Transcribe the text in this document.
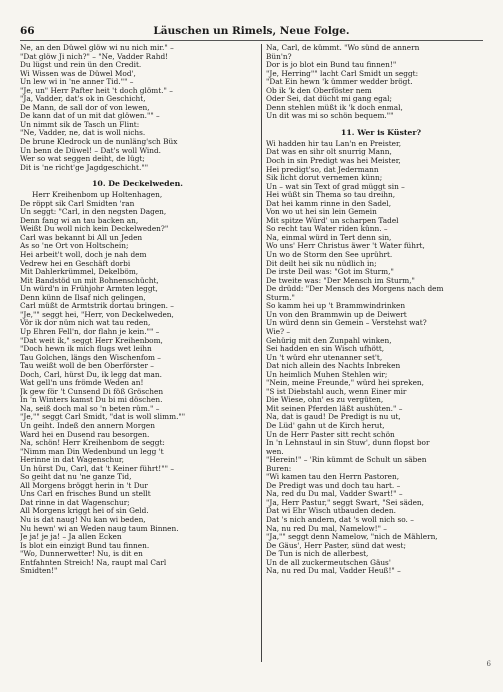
66	Läuschen un Rimels, Neue Folge.
Ne, an den Düwel glöw wi nu nich mir." –
"Dat glöw Ji nich?" – "Ne, Vadder Rahd!
Du lügst und rein ün den Credit.
Wi Wissen was de Düwel Mod',
Un lew wi in 'ne anner Tid."" –
"Je, un" Herr Pafter heit 't doch glömt." –
"Ja, Vadder, dat's ok in Geschicht,
De Mann, de sall dor of von lewen,
De kann dat of un mit dat glöwen."" –
Un nimmt sik de Tasch un Flint:
"Ne, Vadder, ne, dat is woll nichs.
De brune Kledrock un de nunläng'sch Büx
Un benn de Düwel! – Dat's woll Wind.
Wer so wat seggen deiht, de lügt;
Dit is 'ne richt'ge Jagdgeschicht.""
10. De Deckelweden.
Herr Kreihenbom up Holtenhagen,
De röppt sik Carl Smidten 'ran
Un seggt: "Carl, in den negsten Dagen,
Denn fang wi an tau backen an,
Weißt Du woll nich kein Deckelweden?"
Carl was bekannt bi All un Jeden
As so 'ne Ort von Holtschein;
Hei arbeit't woll, doch je nah dem
Vedrew hei en Geschäft dorbi
Mit Dahlerkrümmel, Dekelböm,
Mit Bandstöd un mit Bohnenschücht,
Un würd'n in Frühjohr Armten leggt,
Denn künn de Ilsaf nich gelingen,
Carl müßt de Armtstrik dortau bringen. –
"Je,"" seggt hei, "Herr, von Deckelweden,
Vör ik dor nüm nich wat tau reden,
Up Ehren Fell'n, dor flahn je kein."" –
"Dat weit ik," seggt Herr Kreihenbom,
"Doch hewn ik mich flugs wet leihn
Tau Golchen, längs den Wischenfom –
Tau weißt woll de ben Oberförster –
Doch, Carl, hürst Du, ik legg dat man.
Wat gell'n uns frömde Weden an!
Jk gew för 't Cunsend Di föß Gröschen
In 'n Winters kamst Du bi mi döschen.
Na, seiß doch mal so 'n beten rüm." –
"Je,"" seggt Carl Smidt, "dat is woll slimm.""
Un geiht. Indeß den annern Morgen
Ward hei en Dusend rau besorgen.
Na, schön! Herr Kreihenbom de seggt:
"Nimm man Din Wedenbund un legg 't
Herinne in dat Wagenschur,
Un hürst Du, Carl, dat 't Keiner führt!"" –
So geiht dat nu 'ne ganze Tid,
All Morgens bröggt herin in 't Dur
Uns Carl en frisches Bund un stellt
Dat rinne in dat Wagenschur;
All Morgens kriggt hei of sin Geld.
Nu is dat naug! Nu kan wi beden,
Nu hewn' wi an Weden naug taum Binnen.
Je ja! je ja! – Ja allen Ecken
Is blot ein einzigt Bund tau finnen.
"Wo, Dunnerwetter! Nu, is dit en
Entfahnten Streich! Na, raupt mal Carl
Smidten!"
Na, Carl, de kümmt. "Wo sünd de annern
Bün'n?
Dor is jo blot ein Bund tau finnen!"
"Je, Herring"" lacht Carl Smidt un seggt:
"Dat Ein hewn 'k ümmer wedder brögt.
Ob ik 'k den Oberföster nem
Oder Sei, dat dücht mi gang egal;
Denn stehlen müßt ik 'k doch enmal,
Un dit was mi so schön bequem.""
11. Wer is Küster?
Wi hadden hir tau Lan'n en Preister,
Dat was en sihr olt snurrig Mann,
Doch in sin Predigt was hei Meister,
Hei predigt'so, dat Jedermann
Sik licht dorut vernemen künn;
Un – wat sin Text of grad müggt sin –
Hei wüßt sin Thema so tau dreihn,
Dat hei kamm rinne in den Sadel,
Von wo ut hei sin lein Gemein
Mit spitze Würd' un scharpen Tadel
So recht tau Water riden künn. –
Na, einmal würd in Tert denn sin,
Wo uns' Herr Christus äwer 't Water führt,
Un wo de Storm den See uprührt.
Dit deilt hei sik nu nüdlich in;
De irste Deil was: "Got im Sturm,"
De tweite was: "Der Mensch im Sturm,"
De drüdd: "Der Mensch des Morgens nach dem
Sturm."
So kamm hei up 't Brammwindrinken
Un von den Brammwin up de Deiwert
Un würd denn sin Gemein – Verstehst wat?
Wie? –
Gehürig mit den Zunpahl winken,
Sei hadden en sin Wisch ufhött,
Un 't würd ehr utenanner set't,
Dat nich allein des Nachts Inbreken
Un heimlich Muhen Stehlen wir;
"Nein, meine Freunde," würd hei spreken,
"S ist Diebstahl auch, wenn Einer mir
Die Wiese, ohn' es zu vergüten,
Mit seinen Pferden läßt aushüten." –
Na, dat is gaud! De Predigt is nu ut,
De Lüd' gahn ut de Kirch herut,
Un de Herr Paster sitt recht schön
In 'n Lehnstaul in sin Stuw', dunn flopst bor
wen.
"Herein!" – 'Rin kümmt de Schult un säben
Buren:
"Wi kamen tau den Herrn Pastoren,
De Predigt was und doch tau hart. –
Na, red du Du mal, Vadder Swart!" –
"Ja, Herr Pastur," seggt Swart, "Sei säden,
Dat wi Ehr Wisch utbauden deden.
Dat 's nich andern, dat 's woll nich so. –
Na, nu red Du mal, Namelow!" –
"Ja,"" seggt denn Namelow, "nich de Mählern,
De Gäus', Herr Paster, sünd dat west;
De Tun is nich de allerbest,
Un de all zuckermeutschen Gäus'
Na, nu red Du mal, Vadder Heuß!" –
6
